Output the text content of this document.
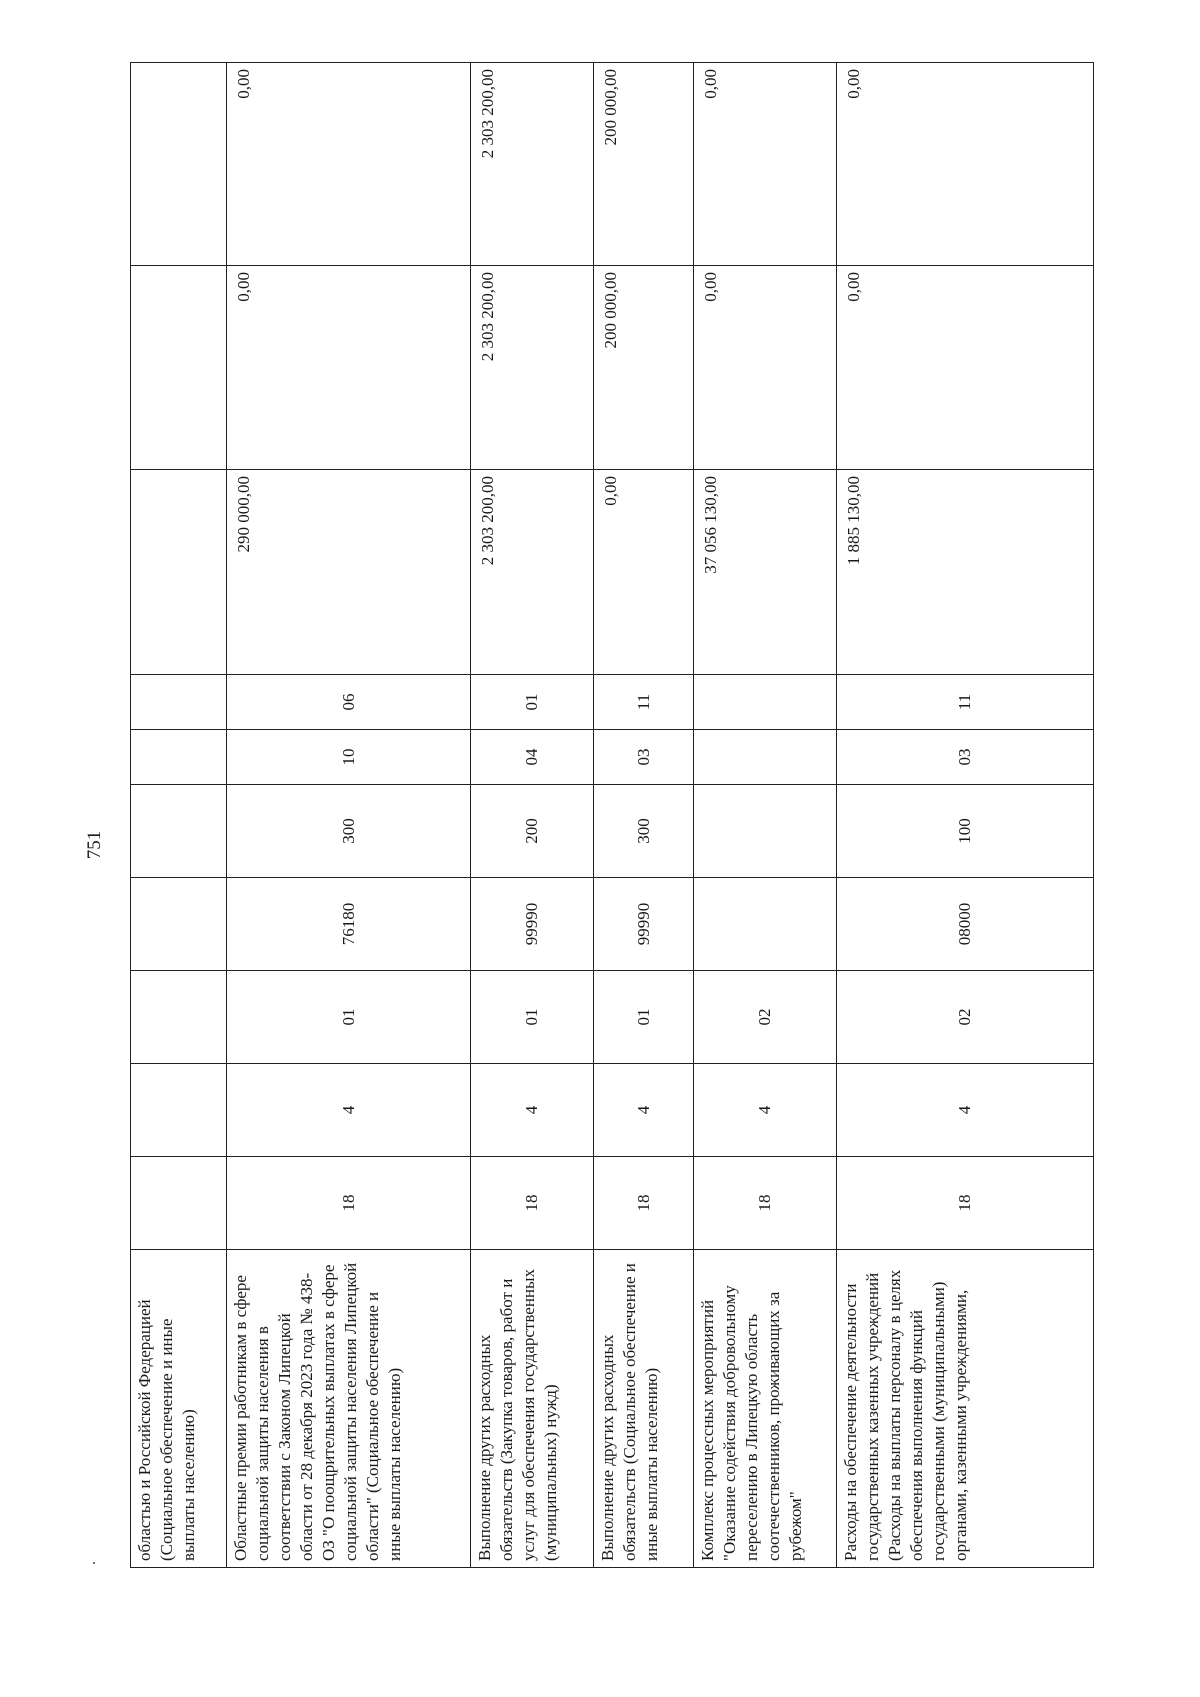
751
областью и Российской Федерацией (Социальное обеспечение и иные выплаты населению)										
Областные премии работникам в сфере социальной защиты населения в соответствии с Законом Липецкой области от 28 декабря 2023 года № 438-ОЗ "О поощрительных выплатах в сфере социальной защиты населения Липецкой области" (Социальное обеспечение и иные выплаты населению)	18	4	01	76180	300	10	06	290 000,00	0,00	0,00
Выполнение других расходных обязательств (Закупка товаров, работ и услуг для обеспечения государственных (муниципальных) нужд)	18	4	01	99990	200	04	01	2 303 200,00	2 303 200,00	2 303 200,00
Выполнение других расходных обязательств (Социальное обеспечение и иные выплаты населению)	18	4	01	99990	300	03	11	0,00	200 000,00	200 000,00
Комплекс процессных мероприятий "Оказание содействия добровольному переселению в Липецкую область соотечественников, проживающих за рубежом"	18	4	02					37 056 130,00	0,00	0,00
Расходы на обеспечение деятельности государственных казенных учреждений (Расходы на выплаты персоналу в целях обеспечения выполнения функций государственными (муниципальными) органами, казенными учреждениями,	18	4	02	08000	100	03	11	1 885 130,00	0,00	0,00
